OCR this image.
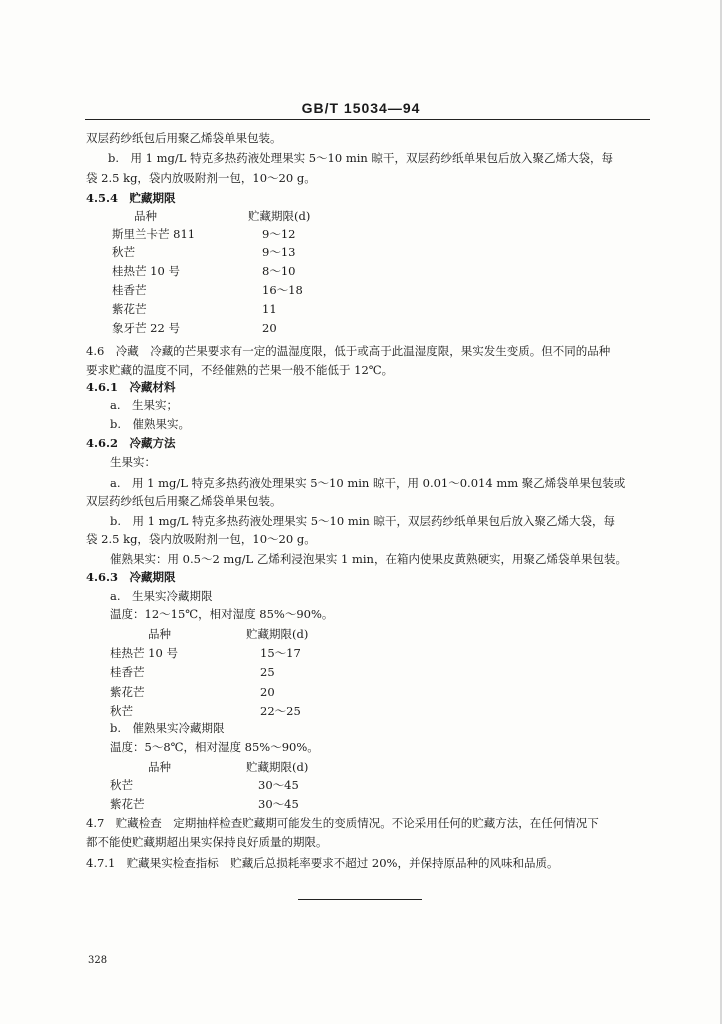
GB/T 15034—94
双层药纱纸包后用聚乙烯袋单果包装。
b.　用 1 mg/L 特克多热药液处理果实 5～10 min 晾干，双层药纱纸单果包后放入聚乙烯大袋，每
袋 2.5 kg，袋内放吸附剂一包，10～20 g。
4.5.4　贮藏期限
品种	贮藏期限(d)
斯里兰卡芒 811	9～12
秋芒	9～13
桂热芒 10 号	8～10
桂香芒	16～18
紫花芒	11
象牙芒 22 号	20
4.6　冷藏　冷藏的芒果要求有一定的温湿度限，低于或高于此温湿度限，果实发生变质。但不同的品种
要求贮藏的温度不同，不经催熟的芒果一般不能低于 12℃。
4.6.1　冷藏材料
a.　生果实；
b.　催熟果实。
4.6.2　冷藏方法
生果实：
a.　用 1 mg/L 特克多热药液处理果实 5～10 min 晾干，用 0.01～0.014 mm 聚乙烯袋单果包装或
双层药纱纸包后用聚乙烯袋单果包装。
b.　用 1 mg/L 特克多热药液处理果实 5～10 min 晾干，双层药纱纸单果包后放入聚乙烯大袋，每
袋 2.5 kg，袋内放吸附剂一包，10～20 g。
催熟果实：用 0.5～2 mg/L 乙烯利浸泡果实 1 min，在箱内使果皮黄熟硬实，用聚乙烯袋单果包装。
4.6.3　冷藏期限
a.　生果实冷藏期限
温度：12～15℃，相对湿度 85%～90%。
品种	贮藏期限(d)
桂热芒 10 号	15～17
桂香芒	25
紫花芒	20
秋芒	22～25
b.　催熟果实冷藏期限
温度：5～8℃，相对湿度 85%～90%。
品种	贮藏期限(d)
秋芒	30～45
紫花芒	30～45
4.7　贮藏检查　定期抽样检查贮藏期可能发生的变质情况。不论采用任何的贮藏方法，在任何情况下
都不能使贮藏期超出果实保持良好质量的期限。
4.7.1　贮藏果实检查指标　贮藏后总损耗率要求不超过 20%，并保持原品种的风味和品质。
328
